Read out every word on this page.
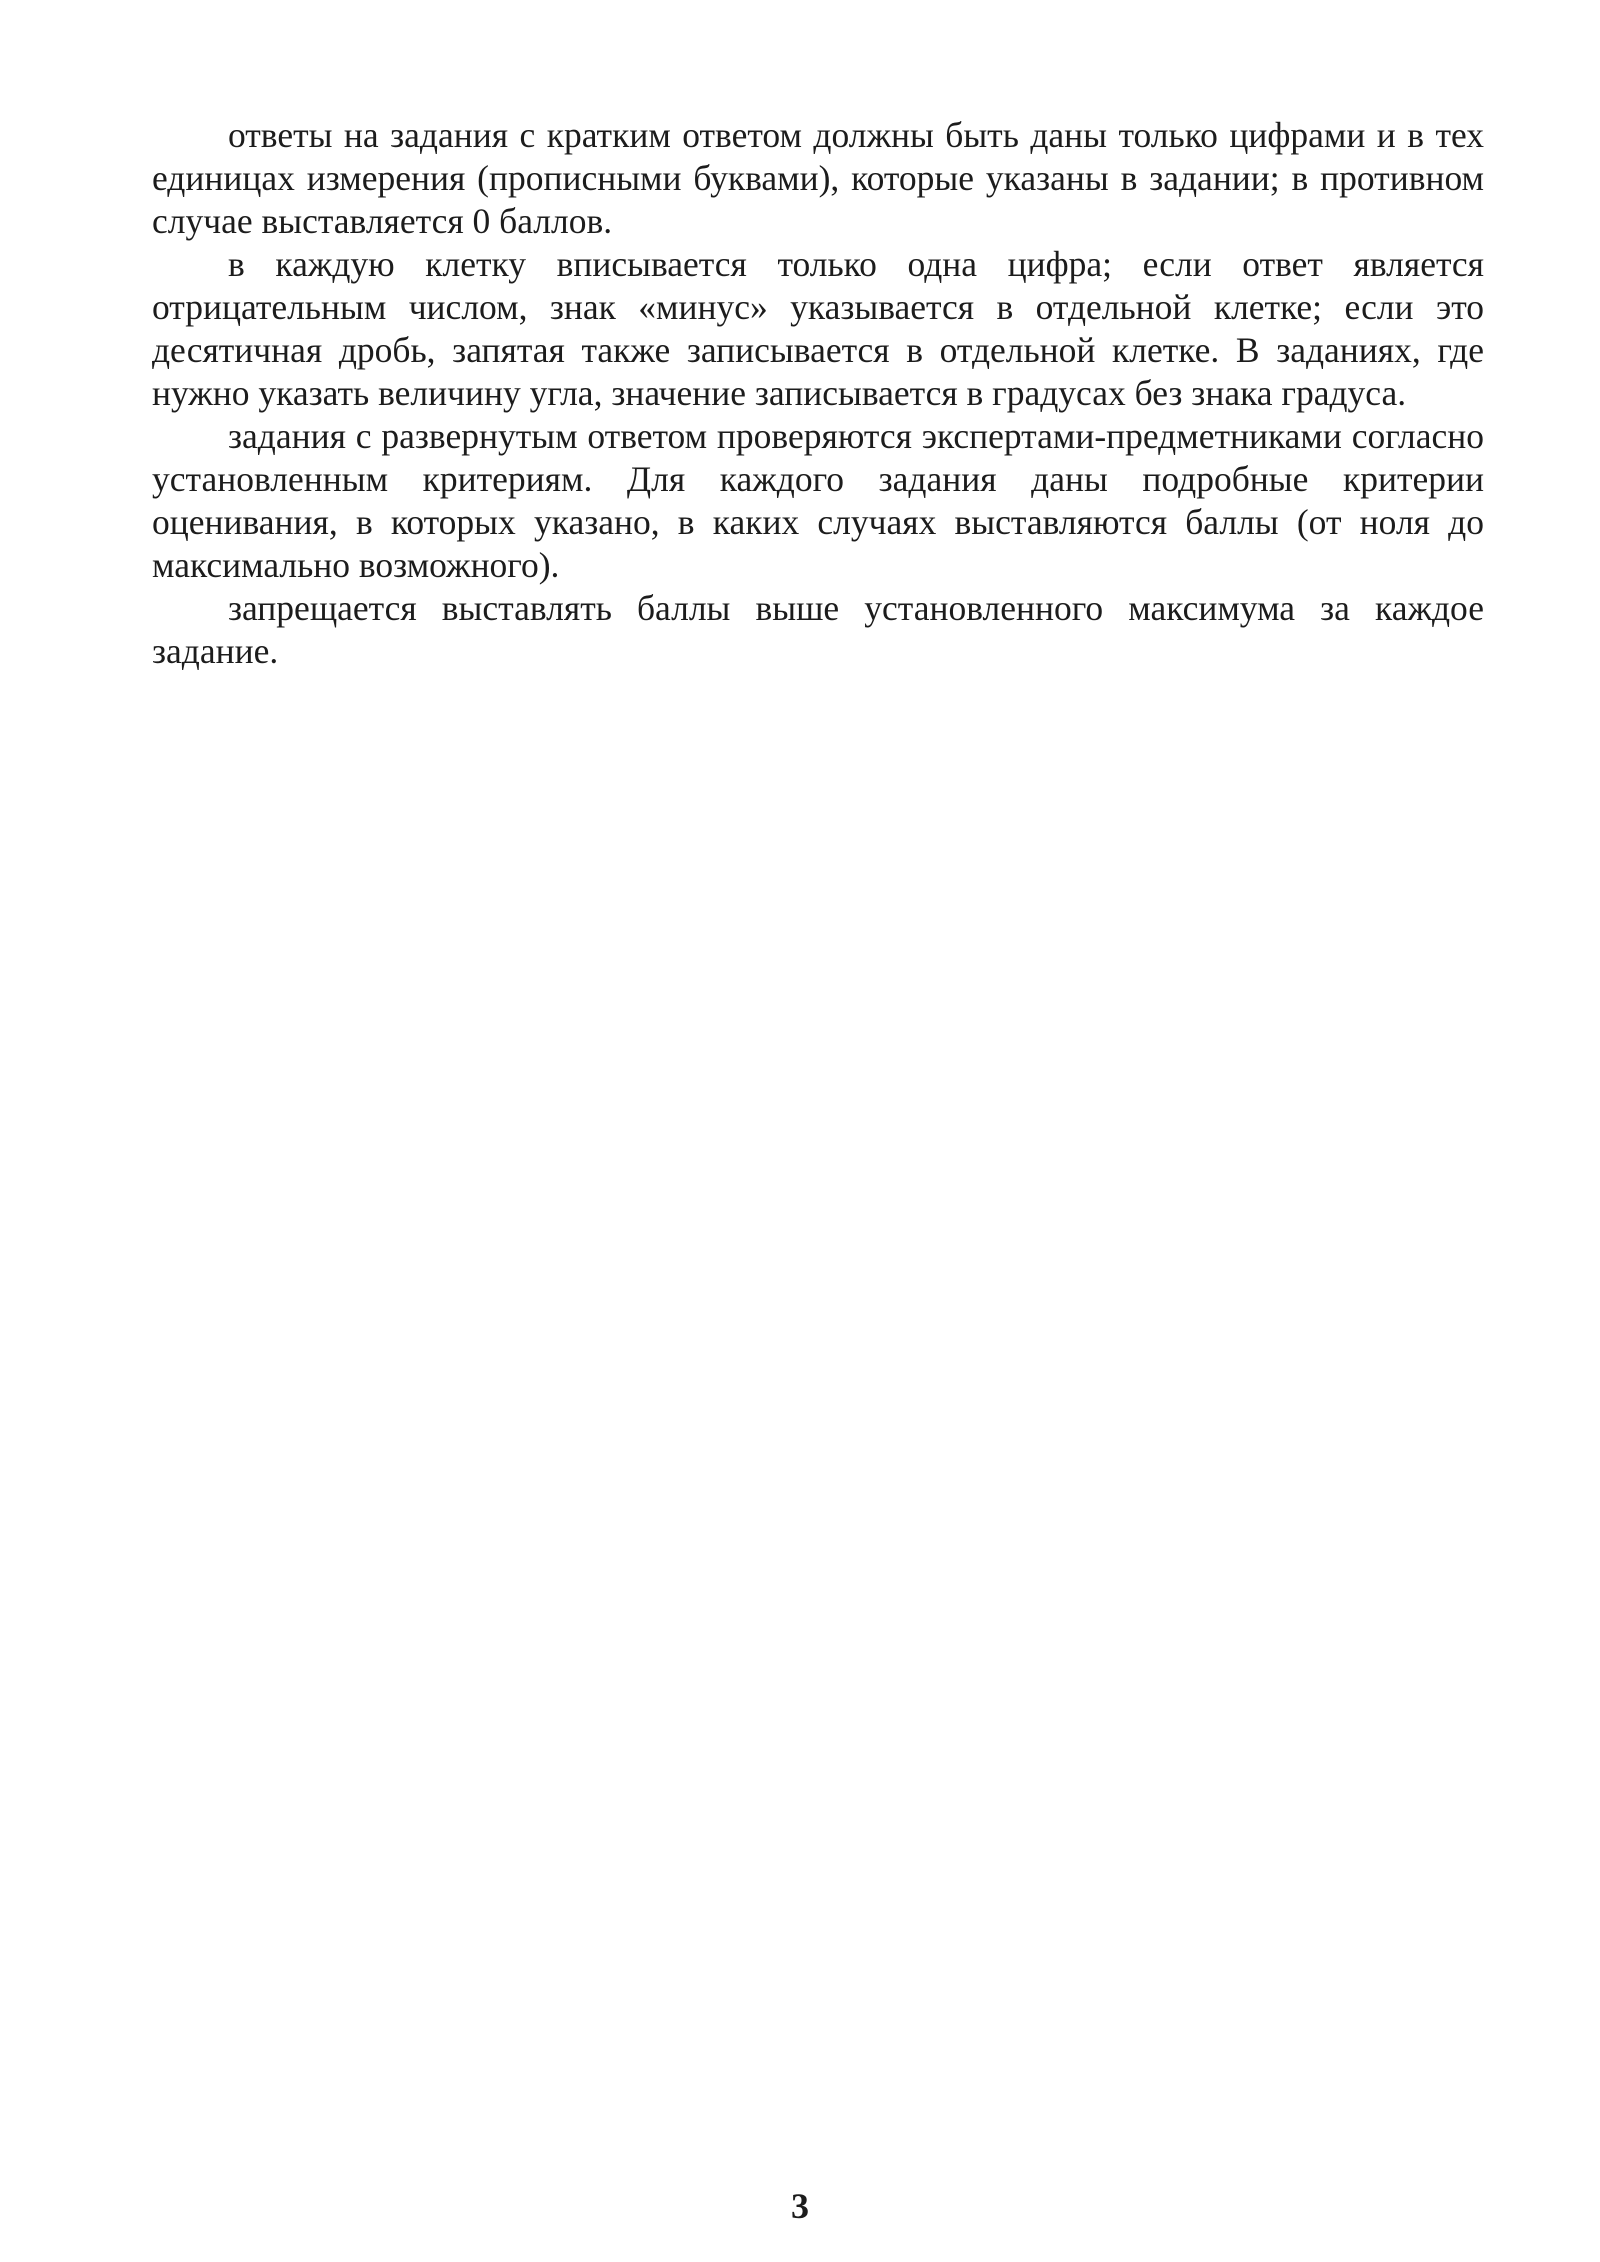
ответы на задания с кратким ответом должны быть даны только цифрами и в тех единицах измерения (прописными буквами), которые указаны в задании; в противном случае выставляется 0 баллов.

в каждую клетку вписывается только одна цифра; если ответ является отрицательным числом, знак «минус» указывается в отдельной клетке; если это десятичная дробь, запятая также записывается в отдельной клетке. В заданиях, где нужно указать величину угла, значение записывается в градусах без знака градуса.

задания с развернутым ответом проверяются экспертами-предметниками согласно установленным критериям. Для каждого задания даны подробные критерии оценивания, в которых указано, в каких случаях выставляются баллы (от ноля до максимально возможного).

запрещается выставлять баллы выше установленного максимума за каждое задание.

3
